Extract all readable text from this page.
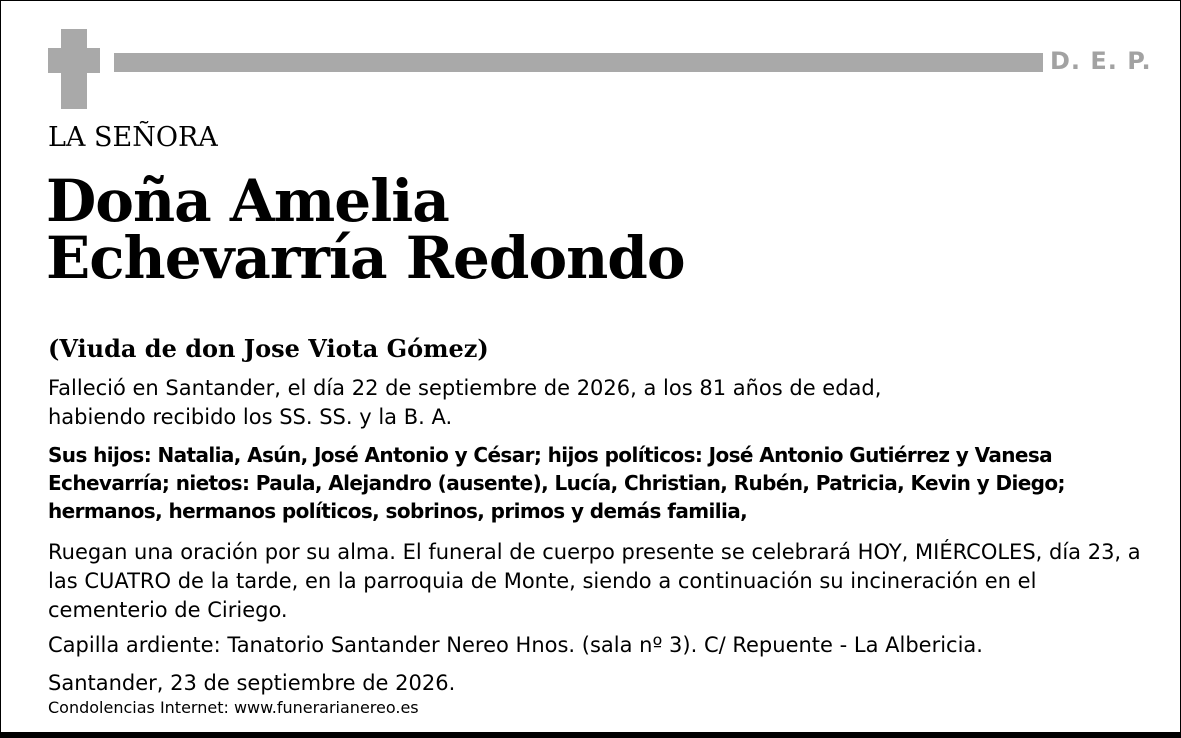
D. E. P.
LA SEÑORA
Doña Amelia
Echevarría Redondo
(Viuda de don Jose Viota Gómez)
Falleció en Santander, el día 22 de septiembre de 2026, a los 81 años de edad,
habiendo recibido los SS. SS. y la B. A.
Sus hijos: Natalia, Asún, José Antonio y César; hijos políticos: José Antonio Gutiérrez y Vanesa Echevarría; nietos: Paula, Alejandro (ausente), Lucía, Christian, Rubén, Patricia, Kevin y Diego; hermanos, hermanos políticos, sobrinos, primos y demás familia,
Ruegan una oración por su alma. El funeral de cuerpo presente se celebrará HOY, MIÉRCOLES, día 23, a las CUATRO de la tarde, en la parroquia de Monte, siendo a continuación su incineración en el cementerio de Ciriego.
Capilla ardiente: Tanatorio Santander Nereo Hnos. (sala nº 3). C/ Repuente - La Albericia.
Santander, 23 de septiembre de 2026.
Condolencias Internet: www.funerarianereo.es
